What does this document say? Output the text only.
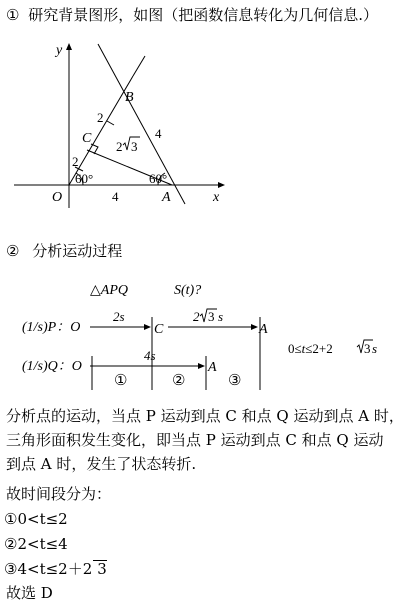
① 研究背景图形，如图（把函数信息转化为几何信息.）
y
x
O
B
C
A
2
2
4
4
2 3
60°	60°
② 分析运动过程
△APQ	S(t)?
(1/s)P：O
(1/s)Q：O
2s
C
2 3 s
A
4s
A
①	②	③
0≤t≤2+2 3 s
分析点的运动，当点 P 运动到点 C 和点 Q 运动到点 A 时，
三角形面积发生变化，即当点 P 运动到点 C 和点 Q 运动
到点 A 时，发生了状态转折.
故时间段分为：
①0<t≤2
②2<t≤4
③4<t≤2＋2 3
故选 D
